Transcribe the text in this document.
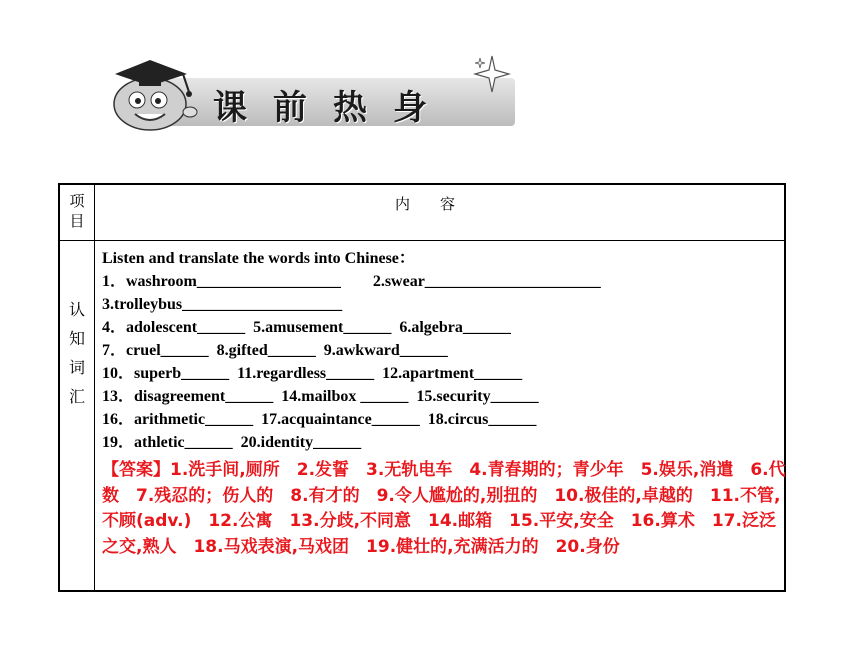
课前热身
项目
内容
认知词汇
Listen and translate the words into Chinese：
1．washroom__________________        2.swear______________________
3.trolleybus____________________
4．adolescent______  5.amusement______  6.algebra______
7．cruel______  8.gifted______  9.awkward______
10．superb______  11.regardless______  12.apartment______
13．disagreement______  14.mailbox ______  15.security______
16．arithmetic______  17.acquaintance______  18.circus______
19．athletic______  20.identity______
【答案】1.洗手间,厕所　2.发誓　3.无轨电车　4.青春期的；青少年　5.娱乐,消遣　6.代数　7.残忍的；伤人的　8.有才的　9.令人尴尬的,别扭的　10.极佳的,卓越的　11.不管,不顾(adv.)　12.公寓　13.分歧,不同意　14.邮箱　15.平安,安全　16.算术　17.泛泛之交,熟人　18.马戏表演,马戏团　19.健壮的,充满活力的　20.身份
